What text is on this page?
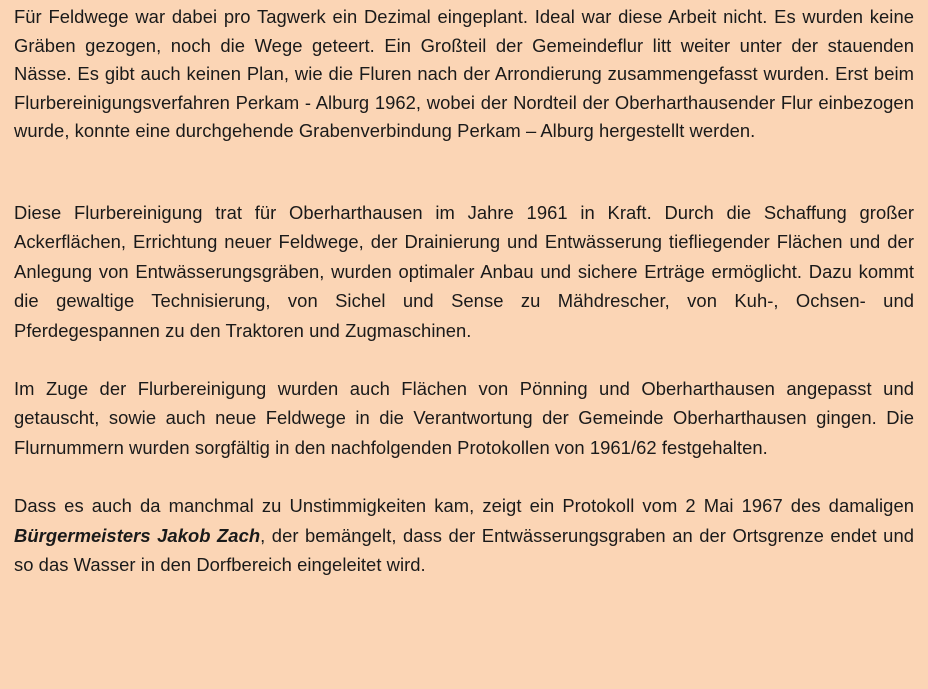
Für Feldwege war dabei pro Tagwerk ein Dezimal eingeplant. Ideal war diese Arbeit nicht. Es wurden keine Gräben gezogen, noch die Wege geteert. Ein Großteil der Gemeindeflur litt weiter unter der stauenden Nässe. Es gibt auch keinen Plan, wie die Fluren nach der Arrondierung zusammengefasst wurden. Erst beim Flurbereinigungsverfahren Perkam - Alburg 1962, wobei der Nordteil der Oberharthausender Flur einbezogen wurde, konnte eine durchgehende Grabenverbindung Perkam – Alburg hergestellt werden.

Diese Flurbereinigung trat für Oberharthausen im Jahre 1961 in Kraft. Durch die Schaffung großer Ackerflächen, Errichtung neuer Feldwege, der Drainierung und Entwässerung tiefliegender Flächen und der Anlegung von Entwässerungsgräben, wurden optimaler Anbau und sichere Erträge ermöglicht. Dazu kommt die gewaltige Technisierung, von Sichel und Sense zu Mähdrescher, von Kuh-, Ochsen- und Pferdegespannen zu den Traktoren und Zugmaschinen.

Im Zuge der Flurbereinigung wurden auch Flächen von Pönning und Oberharthausen angepasst und getauscht, sowie auch neue Feldwege in die Verantwortung der Gemeinde Oberharthausen gingen. Die Flurnummern wurden sorgfältig in den nachfolgenden Protokollen von 1961/62 festgehalten.

Dass es auch da manchmal zu Unstimmigkeiten kam, zeigt ein Protokoll vom 2 Mai 1967 des damaligen Bürgermeisters Jakob Zach, der bemängelt, dass der Entwässerungsgraben an der Ortsgrenze endet und so das Wasser in den Dorfbereich eingeleitet wird.
